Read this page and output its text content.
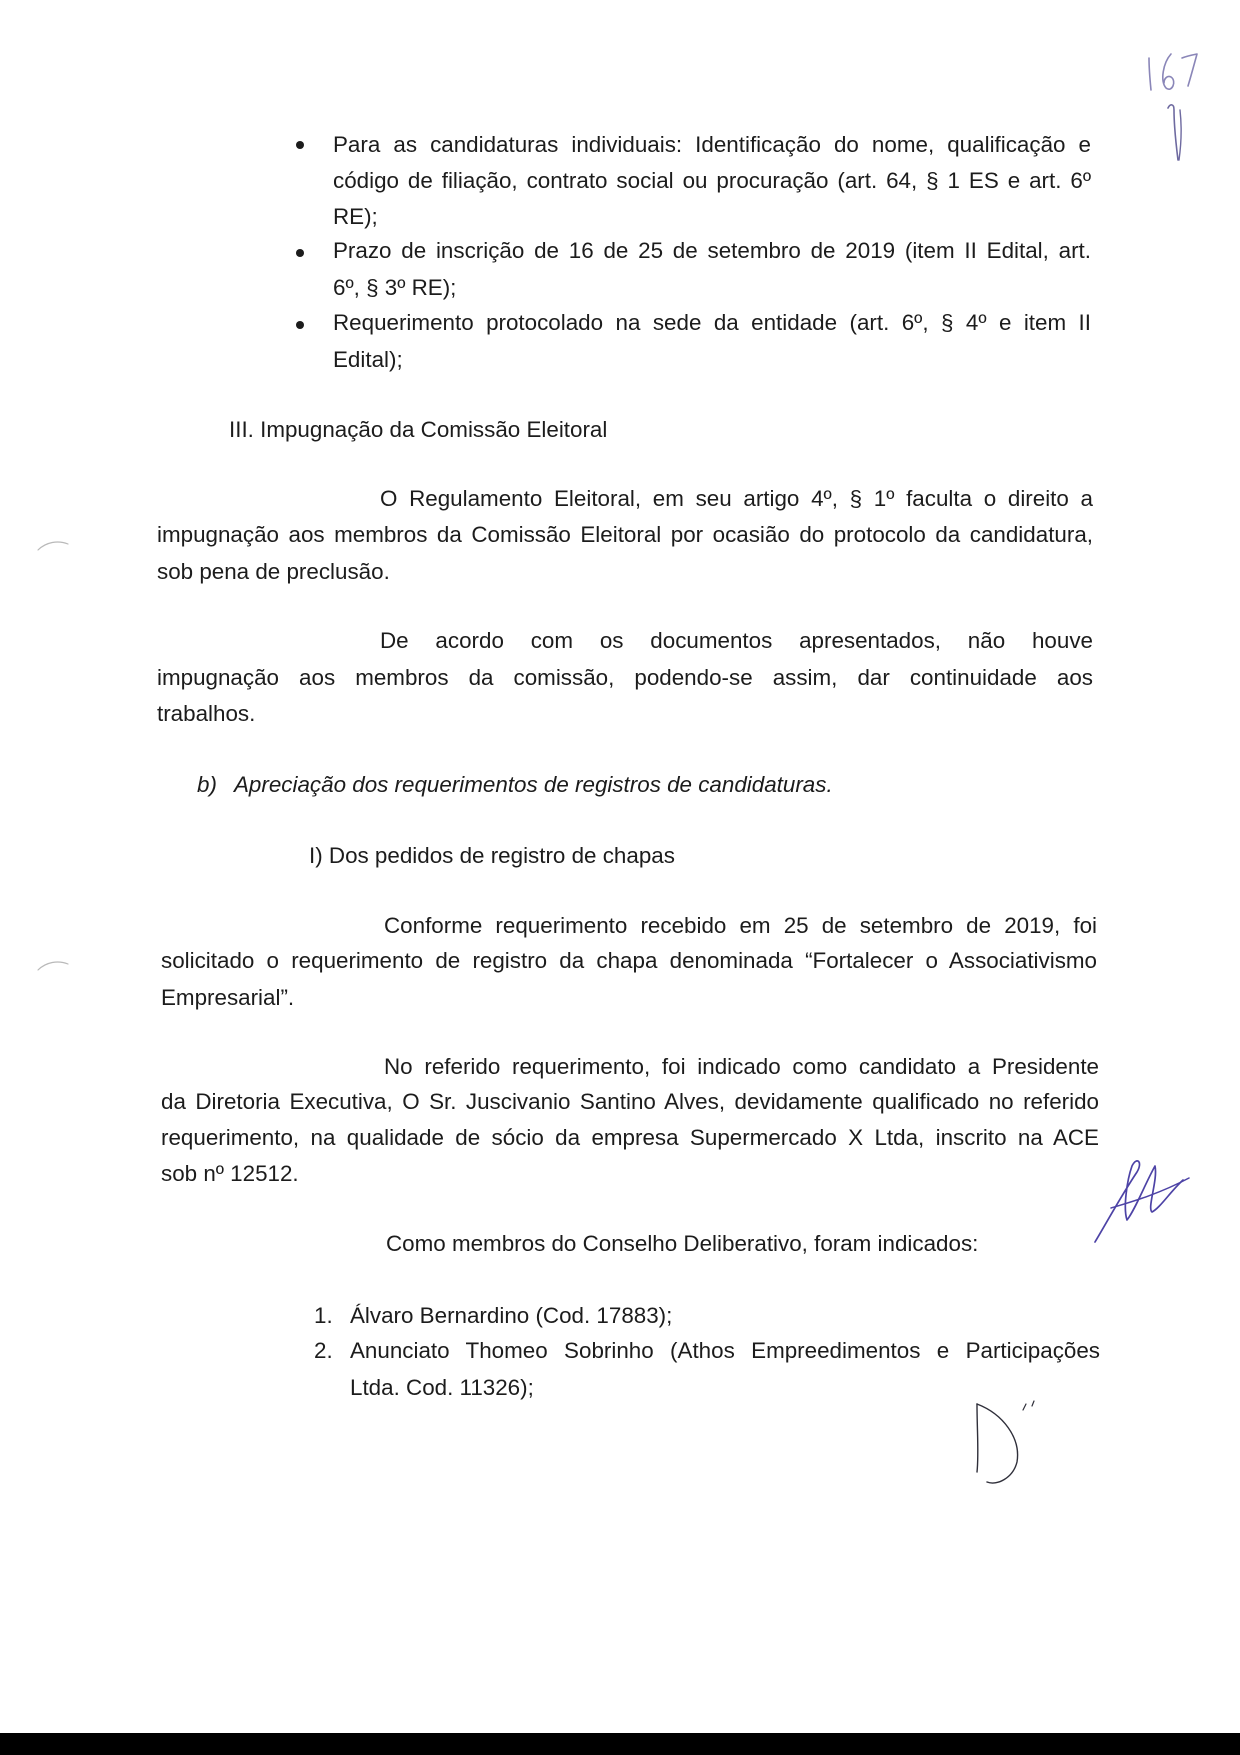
Para as candidaturas individuais: Identificação do nome, qualificação e
código de filiação, contrato social ou procuração (art. 64, § 1 ES e art. 6º
RE);
Prazo de inscrição de 16 de 25 de setembro de 2019 (item II Edital, art.
6º, § 3º RE);
Requerimento protocolado na sede da entidade (art. 6º, § 4º e item II
Edital);
III. Impugnação da Comissão Eleitoral
O Regulamento Eleitoral, em seu artigo 4º, § 1º faculta o direito a
impugnação aos membros da Comissão Eleitoral por ocasião do protocolo da candidatura,
sob pena de preclusão.
De acordo com os documentos apresentados, não houve
impugnação aos membros da comissão, podendo-se assim, dar continuidade aos
trabalhos.
b) Apreciação dos requerimentos de registros de candidaturas.
I) Dos pedidos de registro de chapas
Conforme requerimento recebido em 25 de setembro de 2019, foi
solicitado o requerimento de registro da chapa denominada “Fortalecer o Associativismo
Empresarial”.
No referido requerimento, foi indicado como candidato a Presidente
da Diretoria Executiva, O Sr. Juscivanio Santino Alves, devidamente qualificado no referido
requerimento, na qualidade de sócio da empresa Supermercado X Ltda, inscrito na ACE
sob nº 12512.
Como membros do Conselho Deliberativo, foram indicados:
1. Álvaro Bernardino (Cod. 17883);
2. Anunciato Thomeo Sobrinho (Athos Empreedimentos e Participações
Ltda. Cod. 11326);
